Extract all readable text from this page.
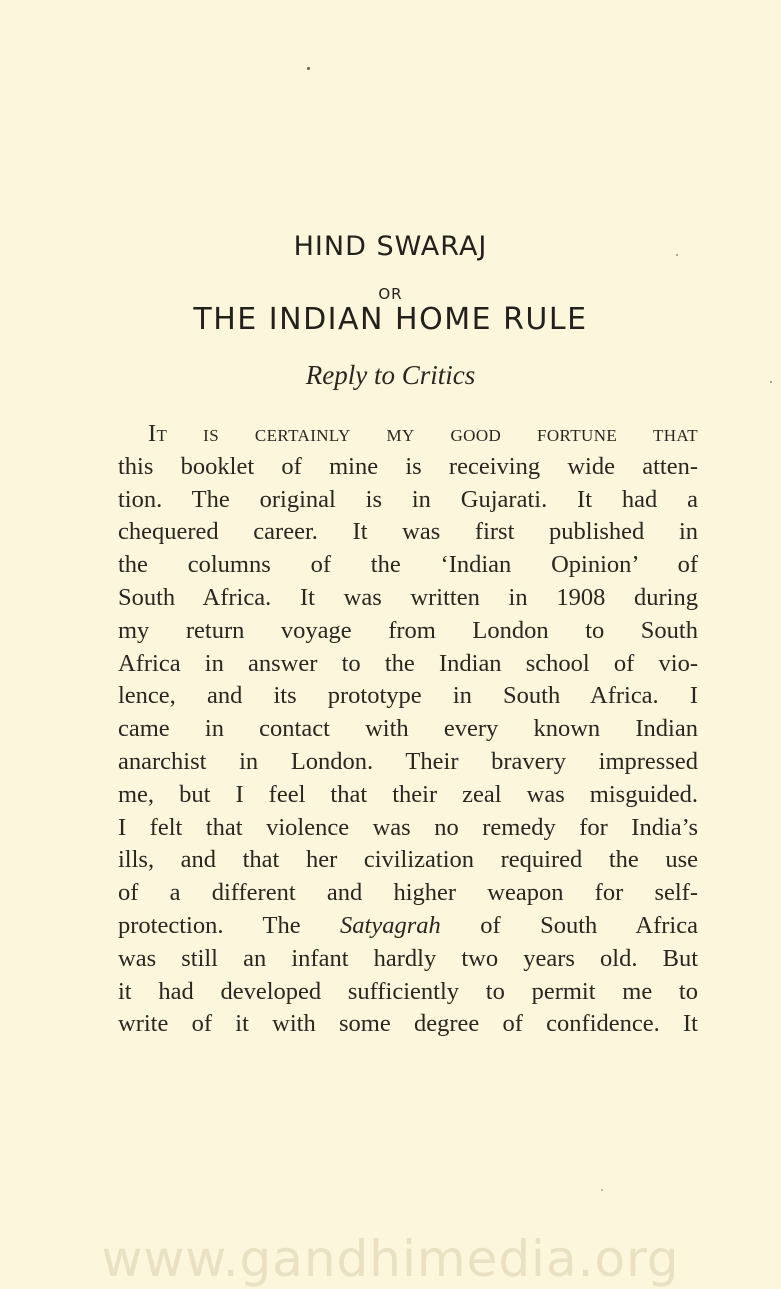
HIND SWARAJ
OR
THE INDIAN HOME RULE
Reply to Critics
It is certainly my good fortune that
this booklet of mine is receiving wide atten-
tion. The original is in Gujarati. It had a
chequered career. It was first published in
the columns of the ‘Indian Opinion’ of
South Africa. It was written in 1908 during
my return voyage from London to South
Africa in answer to the Indian school of vio-
lence, and its prototype in South Africa. I
came in contact with every known Indian
anarchist in London. Their bravery impressed
me, but I feel that their zeal was misguided.
I felt that violence was no remedy for India’s
ills, and that her civilization required the use
of a different and higher weapon for self-
protection. The Satyagrah of South Africa
was still an infant hardly two years old. But
it had developed sufficiently to permit me to
write of it with some degree of confidence. It
www.gandhimedia.org
